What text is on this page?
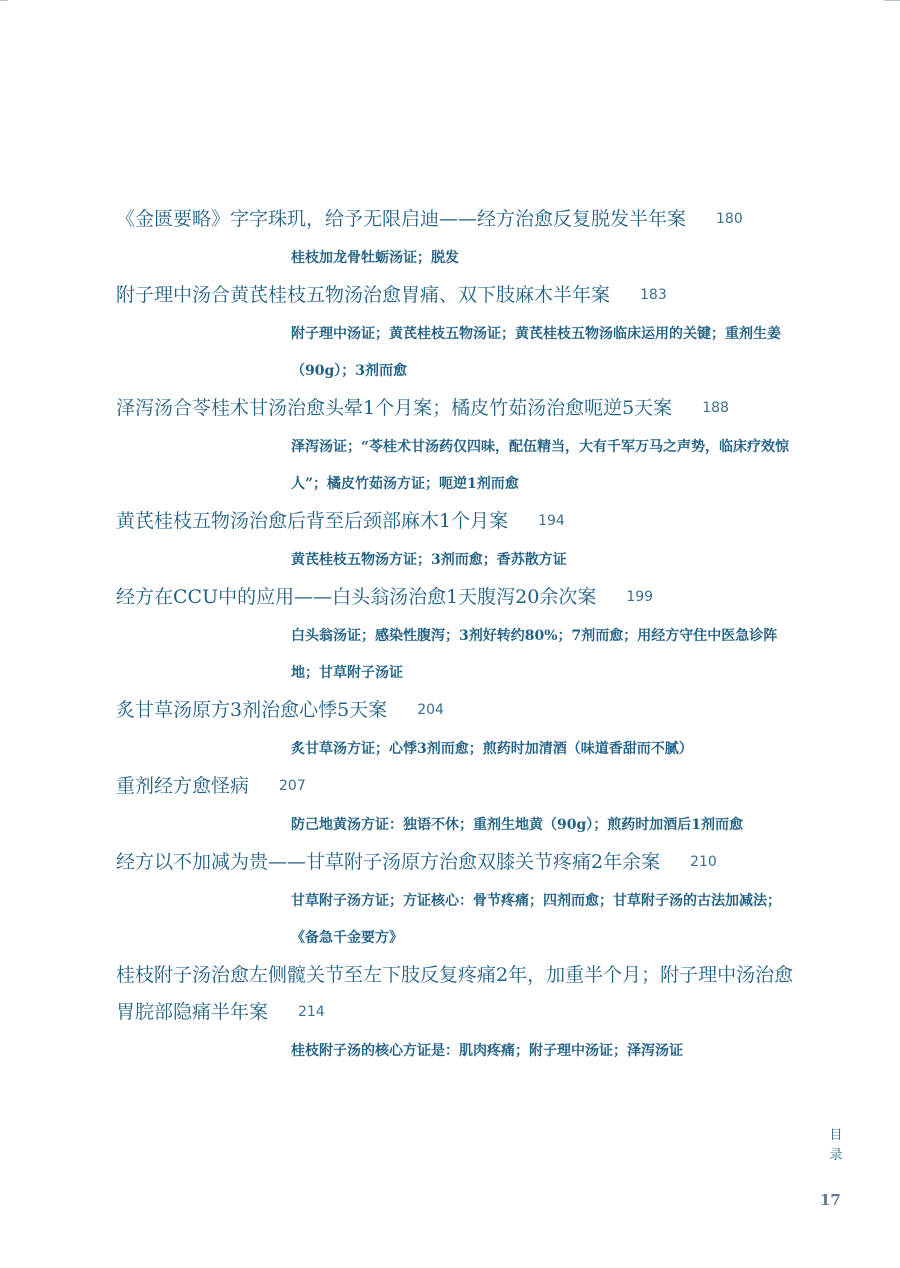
《金匮要略》字字珠玑，给予无限启迪——经方治愈反复脱发半年案 180
桂枝加龙骨牡蛎汤证；脱发
附子理中汤合黄芪桂枝五物汤治愈胃痛、双下肢麻木半年案 183
附子理中汤证；黄芪桂枝五物汤证；黄芪桂枝五物汤临床运用的关键；重剂生姜（90g）；3剂而愈
泽泻汤合苓桂术甘汤治愈头晕1个月案；橘皮竹茹汤治愈呃逆5天案 188
泽泻汤证；“苓桂术甘汤药仅四味，配伍精当，大有千军万马之声势，临床疗效惊人”；橘皮竹茹汤方证；呃逆1剂而愈
黄芪桂枝五物汤治愈后背至后颈部麻木1个月案 194
黄芪桂枝五物汤方证；3剂而愈；香苏散方证
经方在CCU中的应用——白头翁汤治愈1天腹泻20余次案 199
白头翁汤证；感染性腹泻；3剂好转约80%；7剂而愈；用经方守住中医急诊阵地；甘草附子汤证
炙甘草汤原方3剂治愈心悸5天案 204
炙甘草汤方证；心悸3剂而愈；煎药时加清酒（味道香甜而不腻）
重剂经方愈怪病 207
防己地黄汤方证：独语不休；重剂生地黄（90g）；煎药时加酒后1剂而愈
经方以不加减为贵——甘草附子汤原方治愈双膝关节疼痛2年余案 210
甘草附子汤方证；方证核心：骨节疼痛；四剂而愈；甘草附子汤的古法加减法；《备急千金要方》
桂枝附子汤治愈左侧髋关节至左下肢反复疼痛2年，加重半个月；附子理中汤治愈胃脘部隐痛半年案 214
桂枝附子汤的核心方证是：肌肉疼痛；附子理中汤证；泽泻汤证
目录
17
